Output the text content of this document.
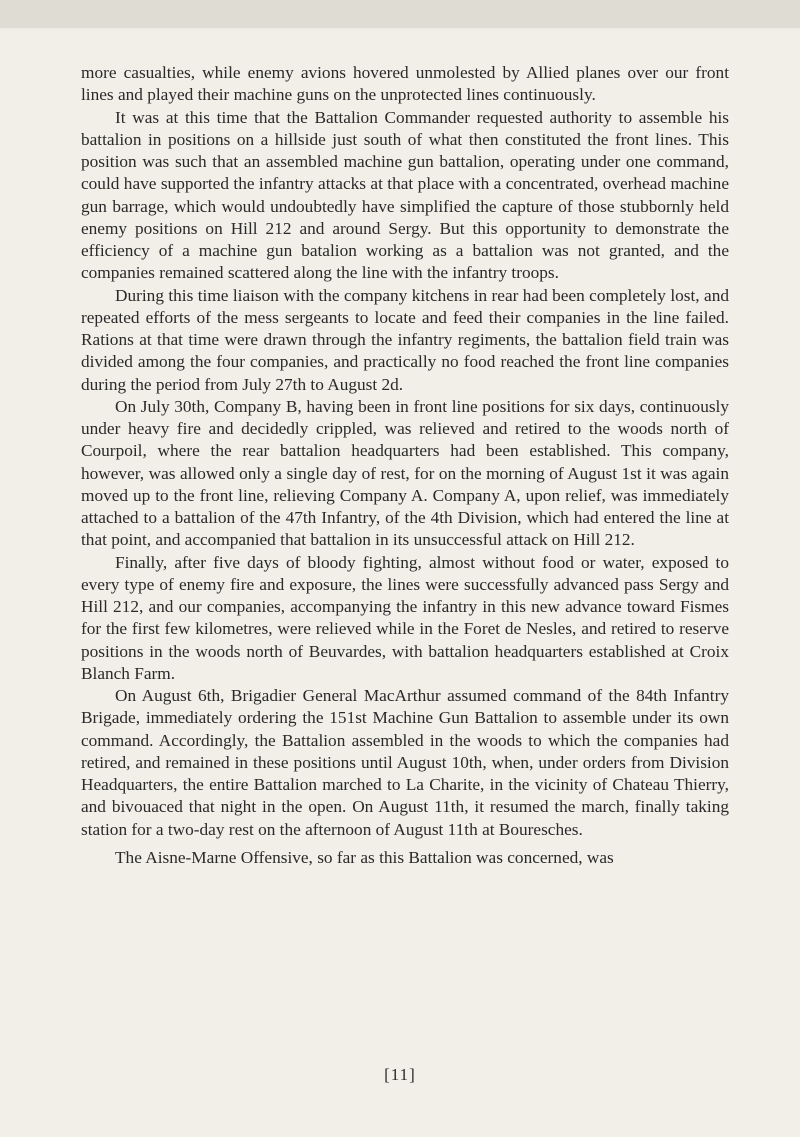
more casualties, while enemy avions hovered unmolested by Allied planes over our front lines and played their machine guns on the unprotected lines continuously.

It was at this time that the Battalion Commander requested authority to assemble his battalion in positions on a hillside just south of what then constituted the front lines. This position was such that an assembled machine gun battalion, operating under one command, could have supported the infantry attacks at that place with a concentrated, overhead machine gun barrage, which would undoubtedly have simplified the capture of those stubbornly held enemy positions on Hill 212 and around Sergy. But this opportunity to demonstrate the efficiency of a machine gun batalion working as a battalion was not granted, and the companies remained scattered along the line with the infantry troops.

During this time liaison with the company kitchens in rear had been completely lost, and repeated efforts of the mess sergeants to locate and feed their companies in the line failed. Rations at that time were drawn through the infantry regiments, the battalion field train was divided among the four companies, and practically no food reached the front line companies during the period from July 27th to August 2d.

On July 30th, Company B, having been in front line positions for six days, continuously under heavy fire and decidedly crippled, was relieved and retired to the woods north of Courpoil, where the rear battalion headquarters had been established. This company, however, was allowed only a single day of rest, for on the morning of August 1st it was again moved up to the front line, relieving Company A. Company A, upon relief, was immediately attached to a battalion of the 47th Infantry, of the 4th Division, which had entered the line at that point, and accompanied that battalion in its unsuccessful attack on Hill 212.

Finally, after five days of bloody fighting, almost without food or water, exposed to every type of enemy fire and exposure, the lines were successfully advanced pass Sergy and Hill 212, and our companies, accompanying the infantry in this new advance toward Fismes for the first few kilometres, were relieved while in the Foret de Nesles, and retired to reserve positions in the woods north of Beuvardes, with battalion headquarters established at Croix Blanch Farm.

On August 6th, Brigadier General MacArthur assumed command of the 84th Infantry Brigade, immediately ordering the 151st Machine Gun Battalion to assemble under its own command. Accordingly, the Battalion assembled in the woods to which the companies had retired, and remained in these positions until August 10th, when, under orders from Division Headquarters, the entire Battalion marched to La Charite, in the vicinity of Chateau Thierry, and bivouaced that night in the open. On August 11th, it resumed the march, finally taking station for a two-day rest on the afternoon of August 11th at Bouresches.

The Aisne-Marne Offensive, so far as this Battalion was concerned, was

[11]
